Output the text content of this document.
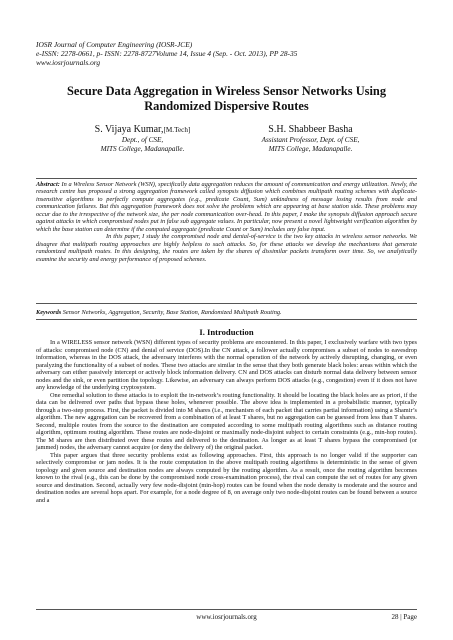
IOSR Journal of Computer Engineering (IOSR-JCE)
e-ISSN: 2278-0661, p- ISSN: 2278-8727Volume 14, Issue 4 (Sep. - Oct. 2013), PP 28-35
www.iosrjournals.org
Secure Data Aggregation in Wireless Sensor Networks Using
Randomized Dispersive Routes
S. Vijaya Kumar,[M.Tech]
Dept., of CSE,
MITS College, Madanapalle.
S.H. Shabbeer Basha
Assistant Professor, Dept. of CSE,
MITS College, Madanapalle.

Abstract: In a Wireless Sensor Network (WSN), specifically data aggregation reduces the amount of communication and energy utilization. Newly, the research centre has proposed a strong aggregation framework called synopsis diffusion which combines multipath routing schemes with duplicate-insensitive algorithms to perfectly compute aggregates (e.g., predicate Count, Sum) unkindness of message losing results from node and communication failures. But this aggregation framework does not solve the problems which are appearing at base station side. These problems may occur due to the irrespective of the network size, the per node communication over-head. In this paper, I make the synopsis diffusion approach secure against attacks in which compromised nodes put in false sub aggregate values. In particular, now present a novel lightweight verification algorithm by which the base station can determine if the computed aggregate (predicate Count or Sum) includes any false input.

In this paper, I study the compromised node and denial-of-service is the two key attacks in wireless sensor networks. We disagree that multipath routing approaches are highly helpless to such attacks. So, for these attacks we develop the mechanisms that generate randomized multipath routes. In this designing, the routes are taken by the shares of dissimilar packets transform over time. So, we analytically examine the security and energy performance of proposed schemes.

Keywords Sensor Networks, Aggregation, Security, Base Station, Randomized Multipath Routing.
I. Introduction

In a WIRELESS sensor network (WSN) different types of security problems are encountered. In this paper, I exclusively warfare with two types of attacks: compromised node (CN) and denial of service (DOS).In the CN attack, a follower actually compromises a subset of nodes to eavesdrop information, whereas in the DOS attack, the adversary interferes with the normal operation of the network by actively disrupting, changing, or even paralyzing the functionality of a subset of nodes. These two attacks are similar in the sense that they both generate black holes: areas within which the adversary can either passively intercept or actively block information delivery. CN and DOS attacks can disturb normal data delivery between sensor nodes and the sink, or even partition the topology. Likewise, an adversary can always perform DOS attacks (e.g., congestion) even if it does not have any knowledge of the underlying cryptosystem.

One remedial solution to these attacks is to exploit the in-network’s routing functionality. It should be locating the black holes are as priori, if the data can be delivered over paths that bypass these holes, whenever possible. The above idea is implemented in a probabilistic manner, typically through a two-step process. First, the packet is divided into M shares (i.e., mechanism of each packet that carries partial information) using a Shamir’s algorithm. The new aggregation can be recovered from a combination of at least T shares, but no aggregation can be guessed from less than T shares. Second, multiple routes from the source to the destination are computed according to some multipath routing algorithms such as distance routing algorithm, optimum routing algorithm. These routes are node-disjoint or maximally node-disjoint subject to certain constraints (e.g., min-hop routes). The M shares are then distributed over these routes and delivered to the destination. As longer as at least T shares bypass the compromised (or jammed) nodes, the adversary cannot acquire (or deny the delivery of) the original packet.

This paper argues that three security problems exist as following approaches. First, this approach is no longer valid if the supporter can selectively compromise or jam nodes. It is the route computation in the above multipath routing algorithms is deterministic in the sense of given topology and given source and destination nodes are always computed by the routing algorithm. As a result, once the routing algorithm becomes known to the rival (e.g., this can be done by the compromised node cross-examination process), the rival can compute the set of routes for any given source and destination. Second, actually very few node-disjoint (min-hop) routes can be found when the node density is moderate and the source and destination nodes are several hops apart. For example, for a node degree of 8, on average only two node-disjoint routes can be found between a source and a

www.iosrjournals.org	28 | Page
